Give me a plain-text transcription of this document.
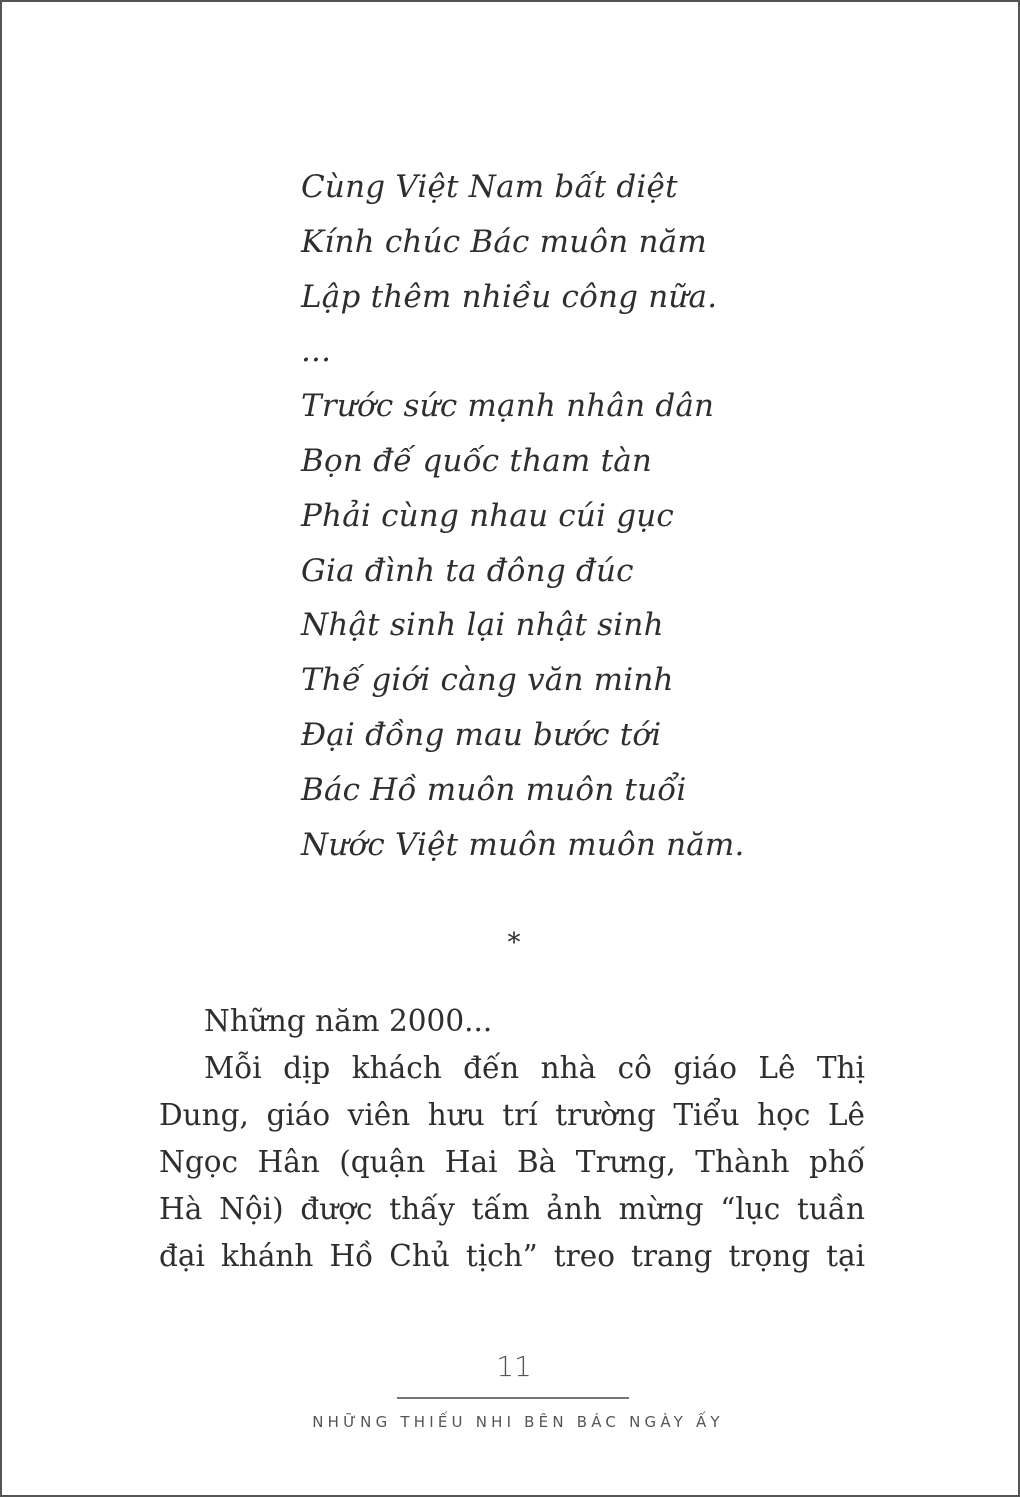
Cùng Việt Nam bất diệt
Kính chúc Bác muôn năm
Lập thêm nhiều công nữa.
...
Trước sức mạnh nhân dân
Bọn đế quốc tham tàn
Phải cùng nhau cúi gục
Gia đình ta đông đúc
Nhật sinh lại nhật sinh
Thế giới càng văn minh
Đại đồng mau bước tới
Bác Hồ muôn muôn tuổi
Nước Việt muôn muôn năm.
*

Những năm 2000...

Mỗi dịp khách đến nhà cô giáo Lê Thị

Dung, giáo viên hưu trí trường Tiểu học Lê
Ngọc Hân (quận Hai Bà Trưng, Thành phố
Hà Nội) được thấy tấm ảnh mừng “lục tuần
đại khánh Hồ Chủ tịch” treo trang trọng tại

11
NHỮNG THIẾU NHI BÊN BÁC NGÀY ẤY
